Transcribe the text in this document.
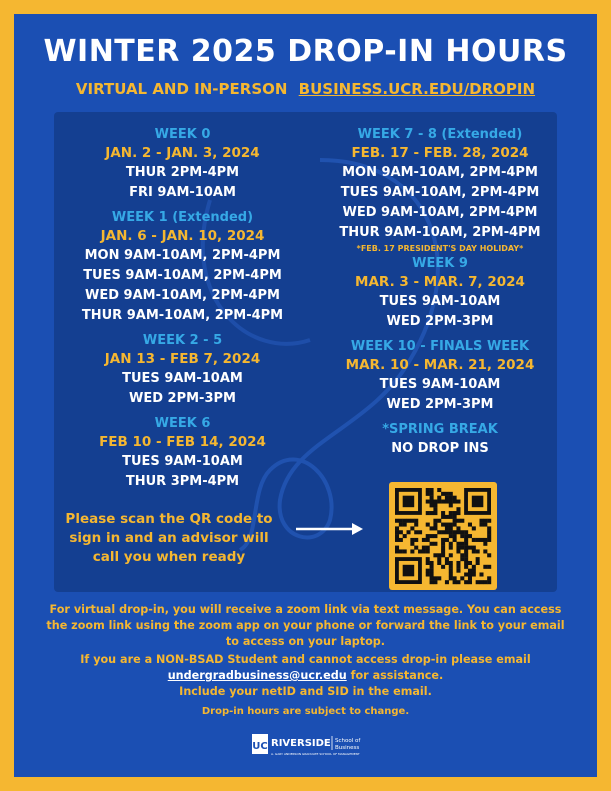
WINTER 2025 DROP-IN HOURS
VIRTUAL AND IN-PERSON BUSINESS.UCR.EDU/DROPIN
WEEK 0
JAN. 2 - JAN. 3, 2024
THUR 2PM-4PM
FRI 9AM-10AM
WEEK 1 (Extended)
JAN. 6 - JAN. 10, 2024
MON 9AM-10AM, 2PM-4PM
TUES 9AM-10AM, 2PM-4PM
WED 9AM-10AM, 2PM-4PM
THUR 9AM-10AM, 2PM-4PM
WEEK 2 - 5
JAN 13 - FEB 7, 2024
TUES 9AM-10AM
WED 2PM-3PM
WEEK 6
FEB 10 - FEB 14, 2024
TUES 9AM-10AM
THUR 3PM-4PM
WEEK 7 - 8 (Extended)
FEB. 17 - FEB. 28, 2024
MON 9AM-10AM, 2PM-4PM
TUES 9AM-10AM, 2PM-4PM
WED 9AM-10AM, 2PM-4PM
THUR 9AM-10AM, 2PM-4PM
*FEB. 17 PRESIDENT'S DAY HOLIDAY*
WEEK 9
MAR. 3 - MAR. 7, 2024
TUES 9AM-10AM
WED 2PM-3PM
WEEK 10 - FINALS WEEK
MAR. 10 - MAR. 21, 2024
TUES 9AM-10AM
WED 2PM-3PM
*SPRING BREAK
NO DROP INS
Please scan the QR code to
sign in and an advisor will
call you when ready
For virtual drop-in, you will receive a zoom link via text message. You can access
the zoom link using the zoom app on your phone or forward the link to your email
to access on your laptop.
If you are a NON-BSAD Student and cannot access drop-in please email
undergradbusiness@ucr.edu for assistance.
Include your netID and SID in the email.
Drop-in hours are subject to change.
UC RIVERSIDE School of
Business
A. GARY ANDERSON GRADUATE SCHOOL OF MANAGEMENT
